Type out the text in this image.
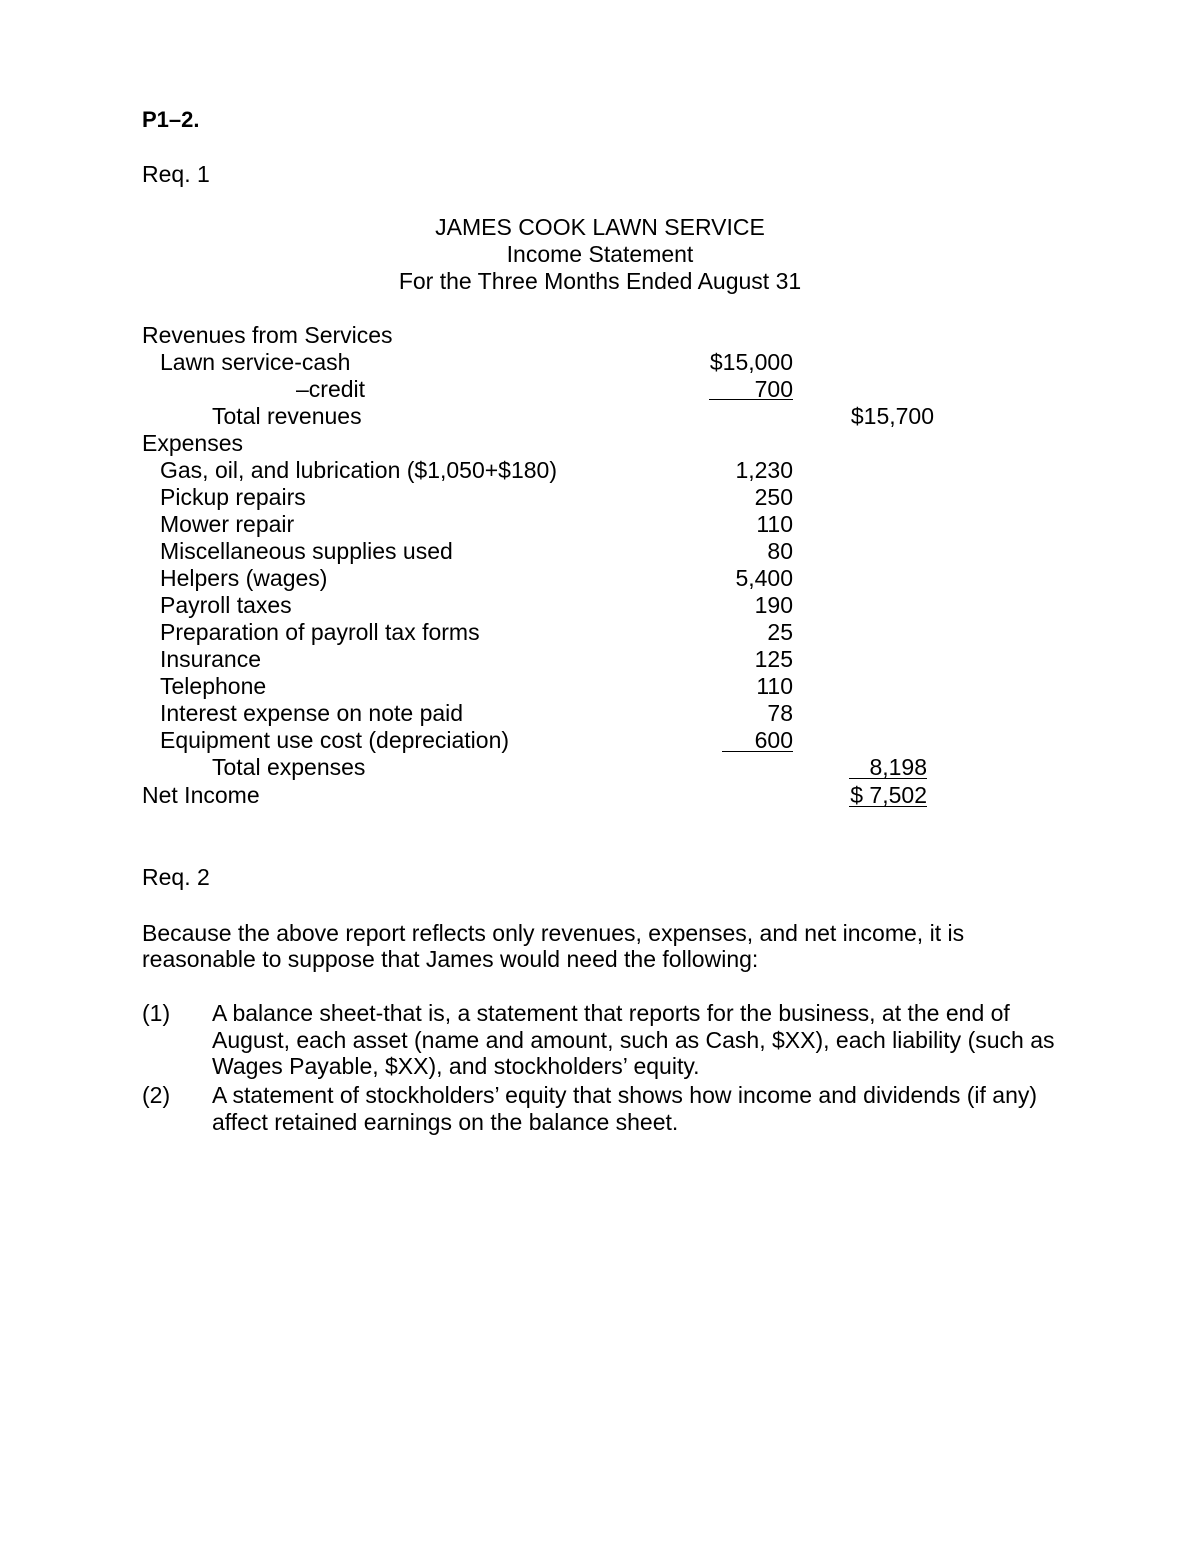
P1–2.
Req. 1
JAMES COOK LAWN SERVICE
Income Statement
For the Three Months Ended August 31
Revenues from Services
Lawn service-cash	$15,000
–credit	700
Total revenues	$15,700
Expenses
Gas, oil, and lubrication ($1,050+$180)	1,230
Pickup repairs	250
Mower repair	110
Miscellaneous supplies used	80
Helpers (wages)	5,400
Payroll taxes	190
Preparation of payroll tax forms	25
Insurance	125
Telephone	110
Interest expense on note paid	78
Equipment use cost (depreciation)	600
Total expenses	8,198
Net Income	$ 7,502
Req. 2
Because the above report reflects only revenues, expenses, and net income, it is reasonable to suppose that James would need the following:
(1) A balance sheet-that is, a statement that reports for the business, at the end of August, each asset (name and amount, such as Cash, $XX), each liability (such as Wages Payable, $XX), and stockholders’ equity.
(2) A statement of stockholders’ equity that shows how income and dividends (if any) affect retained earnings on the balance sheet.
